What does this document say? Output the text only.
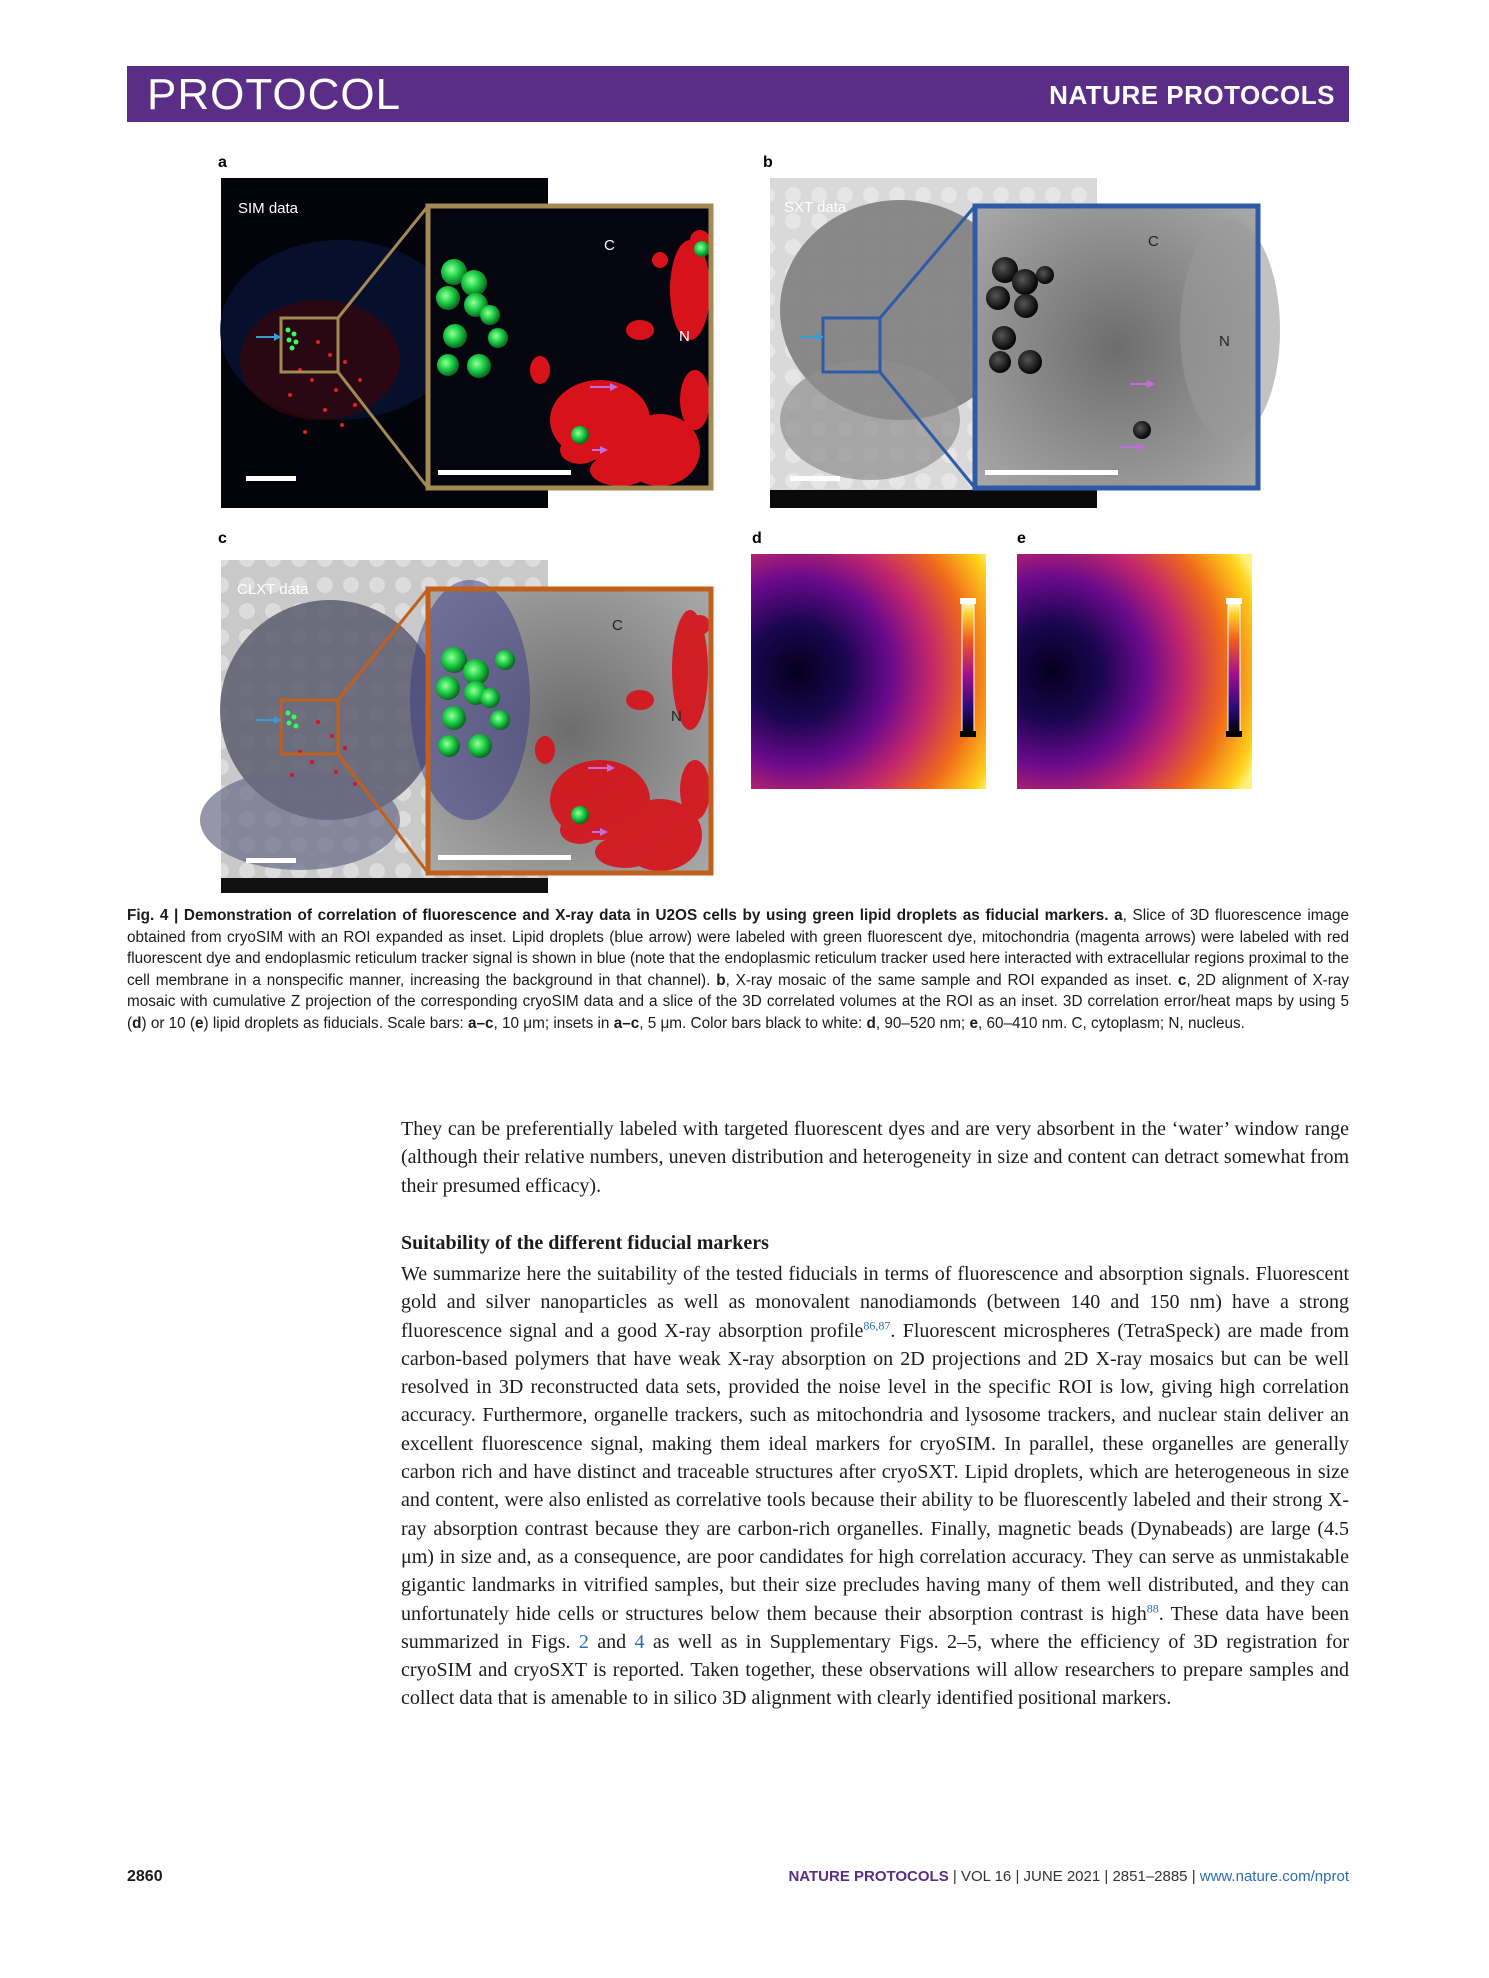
PROTOCOL	NATURE PROTOCOLS
a	b
c	d	e
SIM data	SXT data
CLXT data
C
N
C
N
C
N
Fig. 4 | Demonstration of correlation of fluorescence and X-ray data in U2OS cells by using green lipid droplets as fiducial markers. a, Slice of 3D fluorescence image obtained from cryoSIM with an ROI expanded as inset. Lipid droplets (blue arrow) were labeled with green fluorescent dye, mitochondria (magenta arrows) were labeled with red fluorescent dye and endoplasmic reticulum tracker signal is shown in blue (note that the endoplasmic reticulum tracker used here interacted with extracellular regions proximal to the cell membrane in a nonspecific manner, increasing the background in that channel). b, X-ray mosaic of the same sample and ROI expanded as inset. c, 2D alignment of X-ray mosaic with cumulative Z projection of the corresponding cryoSIM data and a slice of the 3D correlated volumes at the ROI as an inset. 3D correlation error/heat maps by using 5 (d) or 10 (e) lipid droplets as fiducials. Scale bars: a–c, 10 μm; insets in a–c, 5 μm. Color bars black to white: d, 90–520 nm; e, 60–410 nm. C, cytoplasm; N, nucleus.

They can be preferentially labeled with targeted fluorescent dyes and are very absorbent in the ‘water’ window range (although their relative numbers, uneven distribution and heterogeneity in size and content can detract somewhat from their presumed efficacy).

Suitability of the different fiducial markers

We summarize here the suitability of the tested fiducials in terms of fluorescence and absorption signals. Fluorescent gold and silver nanoparticles as well as monovalent nanodiamonds (between 140 and 150 nm) have a strong fluorescence signal and a good X-ray absorption profile$^{86,87}$. Fluorescent microspheres (TetraSpeck) are made from carbon-based polymers that have weak X-ray absorption on 2D projections and 2D X-ray mosaics but can be well resolved in 3D reconstructed data sets, provided the noise level in the specific ROI is low, giving high correlation accuracy. Furthermore, organelle trackers, such as mitochondria and lysosome trackers, and nuclear stain deliver an excellent fluorescence signal, making them ideal markers for cryoSIM. In parallel, these organelles are generally carbon rich and have distinct and traceable structures after cryoSXT. Lipid droplets, which are heterogeneous in size and content, were also enlisted as correlative tools because their ability to be fluorescently labeled and their strong X-ray absorption contrast because they are carbon-rich organelles. Finally, magnetic beads (Dynabeads) are large (4.5 μm) in size and, as a consequence, are poor candidates for high correlation accuracy. They can serve as unmistakable gigantic landmarks in vitrified samples, but their size precludes having many of them well distributed, and they can unfortunately hide cells or structures below them because their absorption contrast is high$^{88}$. These data have been summarized in Figs. 2 and 4 as well as in Supplementary Figs. 2–5, where the efficiency of 3D registration for cryoSIM and cryoSXT is reported. Taken together, these observations will allow researchers to prepare samples and collect data that is amenable to in silico 3D alignment with clearly identified positional markers.

2860	NATURE PROTOCOLS | VOL 16 | JUNE 2021 | 2851–2885 | www.nature.com/nprot
